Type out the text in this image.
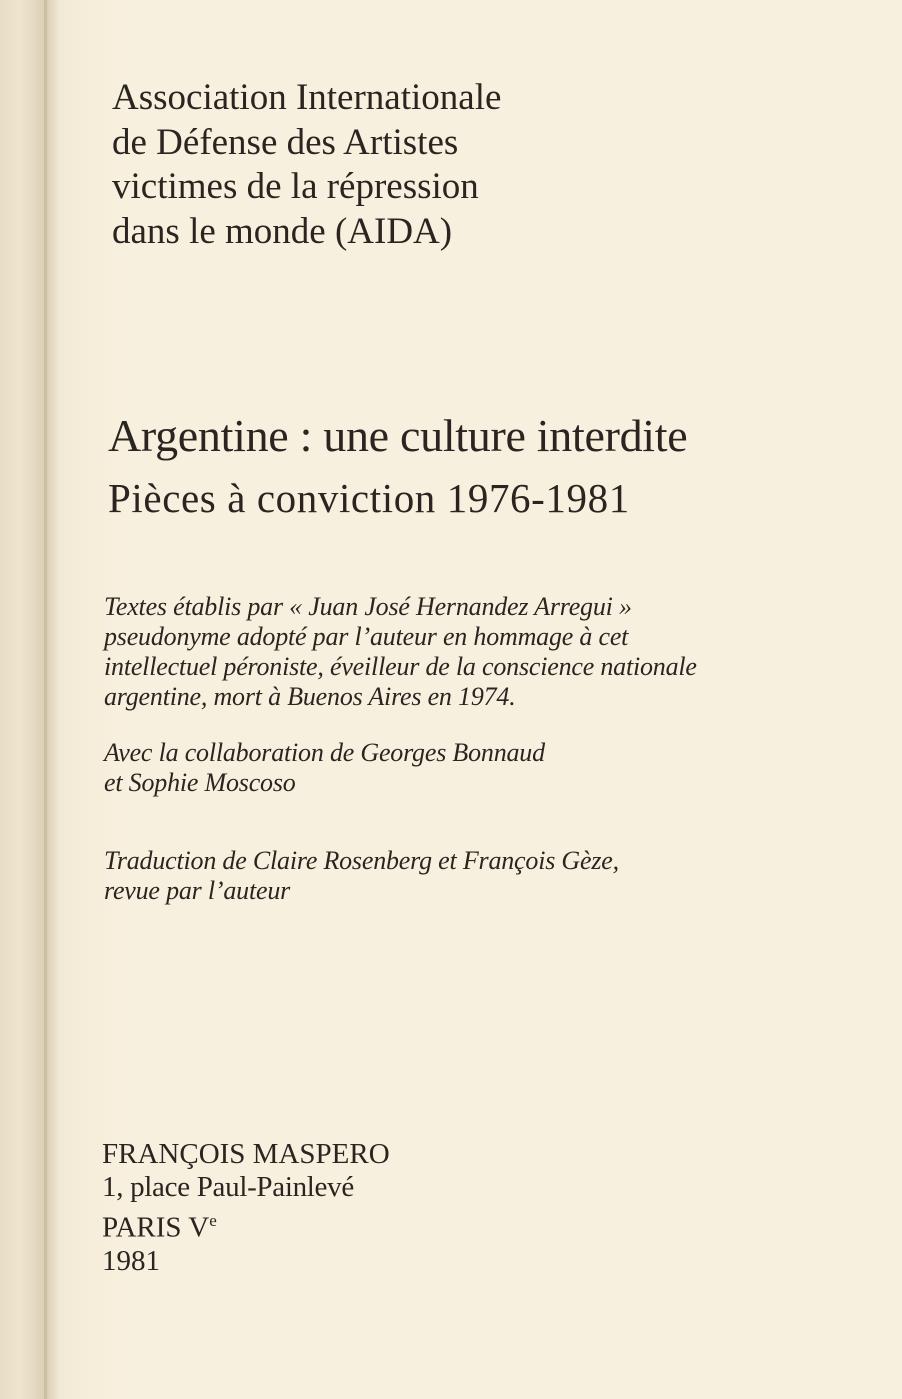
Association Internationale
de Défense des Artistes
victimes de la répression
dans le monde (AIDA)
Argentine : une culture interdite
Pièces à conviction 1976-1981
Textes établis par « Juan José Hernandez Arregui »
pseudonyme adopté par l’auteur en hommage à cet
intellectuel péroniste, éveilleur de la conscience nationale
argentine, mort à Buenos Aires en 1974.
Avec la collaboration de Georges Bonnaud
et Sophie Moscoso
Traduction de Claire Rosenberg et François Gèze,
revue par l’auteur
FRANÇOIS MASPERO
1, place Paul-Painlevé
PARIS Ve
1981
